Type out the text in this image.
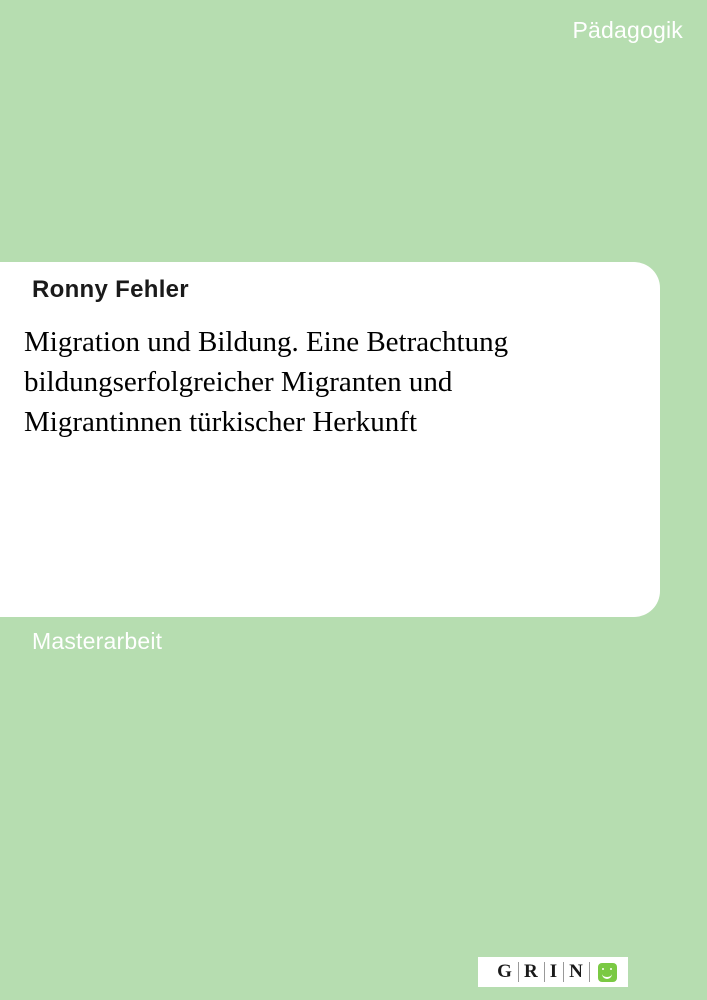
Pädagogik
Ronny Fehler
Migration und Bildung. Eine Betrachtung bildungserfolgreicher Migranten und Migrantinnen türkischer Herkunft
Masterarbeit
G R I N
